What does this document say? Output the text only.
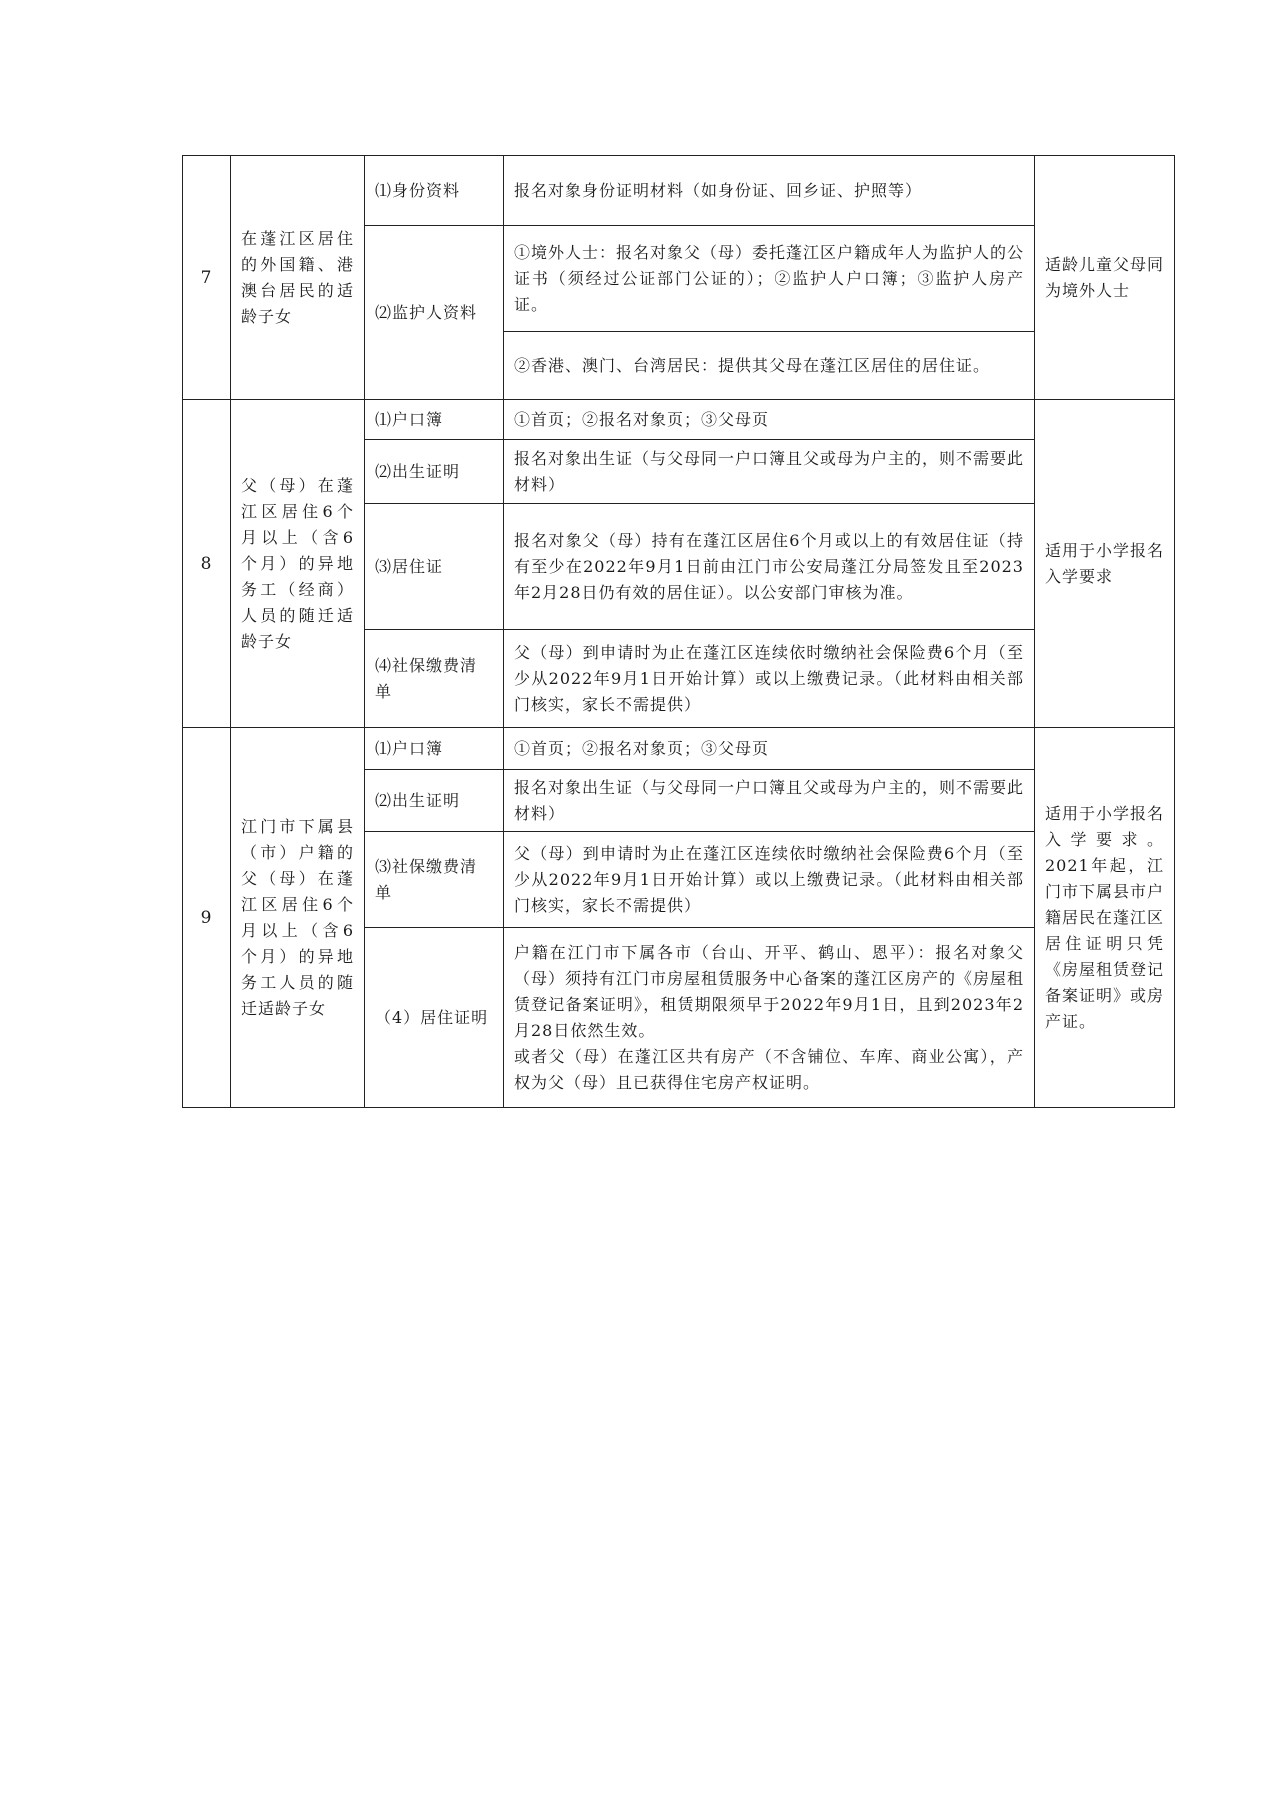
7	在蓬江区居住的外国籍、港澳台居民的适龄子女	⑴身份资料	报名对象身份证明材料（如身份证、回乡证、护照等）	适龄儿童父母同为境外人士
		⑵监护人资料	①境外人士：报名对象父（母）委托蓬江区户籍成年人为监护人的公证书（须经过公证部门公证的）；②监护人户口簿；③监护人房产证。	
			②香港、澳门、台湾居民：提供其父母在蓬江区居住的居住证。	
8	父（母）在蓬江区居住6个月以上（含6个月）的异地务工（经商）人员的随迁适龄子女	⑴户口簿	①首页；②报名对象页；③父母页	适用于小学报名入学要求
		⑵出生证明	报名对象出生证（与父母同一户口簿且父或母为户主的，则不需要此材料）	
		⑶居住证	报名对象父（母）持有在蓬江区居住6个月或以上的有效居住证（持有至少在2022年9月1日前由江门市公安局蓬江分局签发且至2023年2月28日仍有效的居住证）。以公安部门审核为准。	
		⑷社保缴费清单	父（母）到申请时为止在蓬江区连续依时缴纳社会保险费6个月（至少从2022年9月1日开始计算）或以上缴费记录。（此材料由相关部门核实，家长不需提供）	
9	江门市下属县（市）户籍的父（母）在蓬江区居住6个月以上（含6个月）的异地务工人员的随迁适龄子女	⑴户口簿	①首页；②报名对象页；③父母页	适用于小学报名入学要求。2021年起，江门市下属县市户籍居民在蓬江区居住证明只凭《房屋租赁登记备案证明》或房产证。
		⑵出生证明	报名对象出生证（与父母同一户口簿且父或母为户主的，则不需要此材料）	
		⑶社保缴费清单	父（母）到申请时为止在蓬江区连续依时缴纳社会保险费6个月（至少从2022年9月1日开始计算）或以上缴费记录。（此材料由相关部门核实，家长不需提供）	
		（4）居住证明	户籍在江门市下属各市（台山、开平、鹤山、恩平）：报名对象父（母）须持有江门市房屋租赁服务中心备案的蓬江区房产的《房屋租赁登记备案证明》，租赁期限须早于2022年9月1日，且到2023年2月28日依然生效。
或者父（母）在蓬江区共有房产（不含铺位、车库、商业公寓），产权为父（母）且已获得住宅房产权证明。	
